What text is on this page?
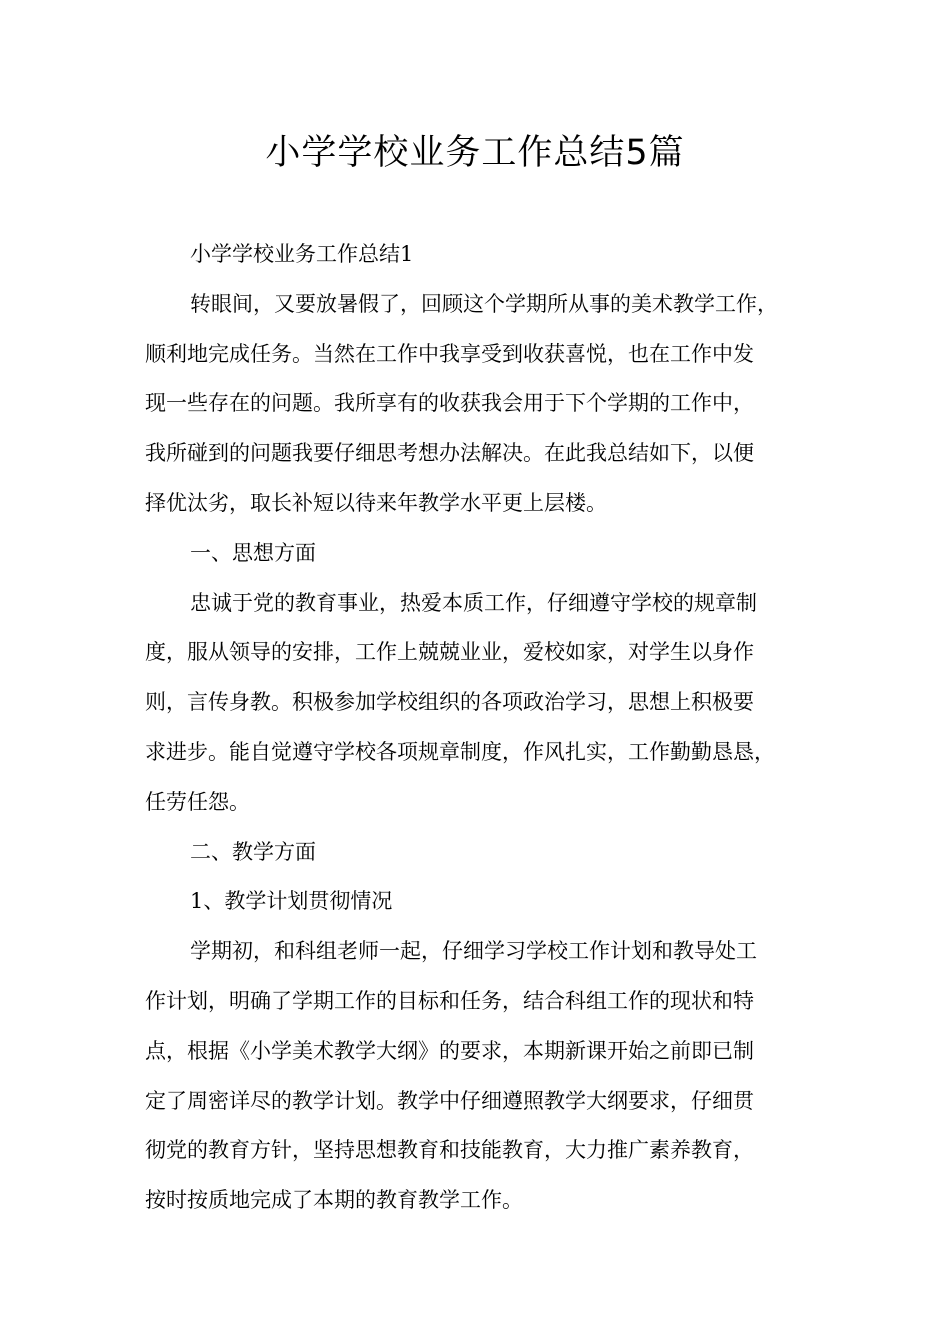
小学学校业务工作总结5篇

小学学校业务工作总结1

转眼间，又要放暑假了，回顾这个学期所从事的美术教学工作，
顺利地完成任务。当然在工作中我享受到收获喜悦，也在工作中发
现一些存在的问题。我所享有的收获我会用于下个学期的工作中，
我所碰到的问题我要仔细思考想办法解决。在此我总结如下，以便
择优汰劣，取长补短以待来年教学水平更上层楼。

一、思想方面

忠诚于党的教育事业，热爱本质工作，仔细遵守学校的规章制
度，服从领导的安排，工作上兢兢业业，爱校如家，对学生以身作
则，言传身教。积极参加学校组织的各项政治学习，思想上积极要
求进步。能自觉遵守学校各项规章制度，作风扎实，工作勤勤恳恳，
任劳任怨。

二、教学方面

1、教学计划贯彻情况

学期初，和科组老师一起，仔细学习学校工作计划和教导处工
作计划，明确了学期工作的目标和任务，结合科组工作的现状和特
点，根据《小学美术教学大纲》的要求，本期新课开始之前即已制
定了周密详尽的教学计划。教学中仔细遵照教学大纲要求，仔细贯
彻党的教育方针，坚持思想教育和技能教育，大力推广素养教育，
按时按质地完成了本期的教育教学工作。
